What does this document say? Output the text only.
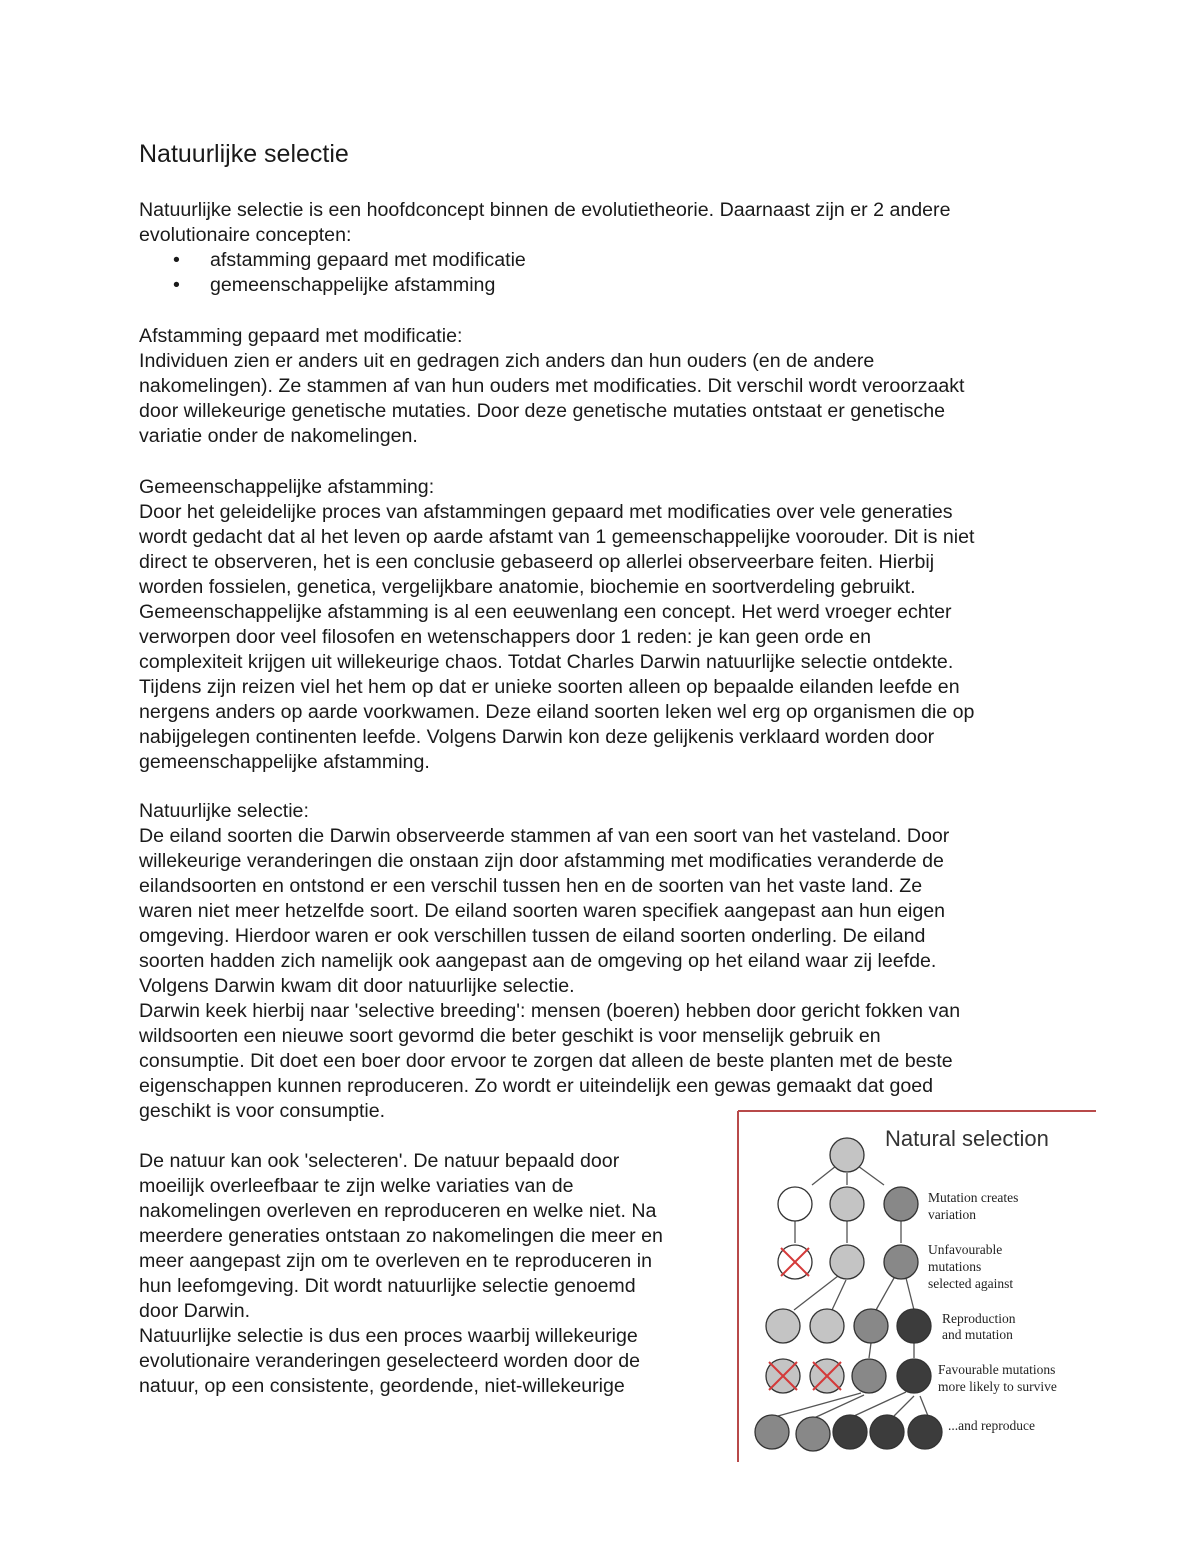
Natuurlijke selectie
Natuurlijke selectie is een hoofdconcept binnen de evolutietheorie. Daarnaast zijn er 2 andere
evolutionaire concepten:
• afstamming gepaard met modificatie
• gemeenschappelijke afstamming
Afstamming gepaard met modificatie:
Individuen zien er anders uit en gedragen zich anders dan hun ouders (en de andere
nakomelingen). Ze stammen af van hun ouders met modificaties. Dit verschil wordt veroorzaakt
door willekeurige genetische mutaties. Door deze genetische mutaties ontstaat er genetische
variatie onder de nakomelingen.
Gemeenschappelijke afstamming:
Door het geleidelijke proces van afstammingen gepaard met modificaties over vele generaties
wordt gedacht dat al het leven op aarde afstamt van 1 gemeenschappelijke voorouder. Dit is niet
direct te observeren, het is een conclusie gebaseerd op allerlei observeerbare feiten. Hierbij
worden fossielen, genetica, vergelijkbare anatomie, biochemie en soortverdeling gebruikt.
Gemeenschappelijke afstamming is al een eeuwenlang een concept. Het werd vroeger echter
verworpen door veel filosofen en wetenschappers door 1 reden: je kan geen orde en
complexiteit krijgen uit willekeurige chaos. Totdat Charles Darwin natuurlijke selectie ontdekte.
Tijdens zijn reizen viel het hem op dat er unieke soorten alleen op bepaalde eilanden leefde en
nergens anders op aarde voorkwamen. Deze eiland soorten leken wel erg op organismen die op
nabijgelegen continenten leefde. Volgens Darwin kon deze gelijkenis verklaard worden door
gemeenschappelijke afstamming.
Natuurlijke selectie:
De eiland soorten die Darwin observeerde stammen af van een soort van het vasteland. Door
willekeurige veranderingen die onstaan zijn door afstamming met modificaties veranderde de
eilandsoorten en ontstond er een verschil tussen hen en de soorten van het vaste land. Ze
waren niet meer hetzelfde soort. De eiland soorten waren specifiek aangepast aan hun eigen
omgeving. Hierdoor waren er ook verschillen tussen de eiland soorten onderling. De eiland
soorten hadden zich namelijk ook aangepast aan de omgeving op het eiland waar zij leefde.
Volgens Darwin kwam dit door natuurlijke selectie.
Darwin keek hierbij naar 'selective breeding': mensen (boeren) hebben door gericht fokken van
wildsoorten een nieuwe soort gevormd die beter geschikt is voor menselijk gebruik en
consumptie. Dit doet een boer door ervoor te zorgen dat alleen de beste planten met de beste
eigenschappen kunnen reproduceren. Zo wordt er uiteindelijk een gewas gemaakt dat goed
geschikt is voor consumptie.
De natuur kan ook 'selecteren'. De natuur bepaald door
moeilijk overleefbaar te zijn welke variaties van de
nakomelingen overleven en reproduceren en welke niet. Na
meerdere generaties ontstaan zo nakomelingen die meer en
meer aangepast zijn om te overleven en te reproduceren in
hun leefomgeving. Dit wordt natuurlijke selectie genoemd
door Darwin.
Natuurlijke selectie is dus een proces waarbij willekeurige
evolutionaire veranderingen geselecteerd worden door de
natuur, op een consistente, geordende, niet-willekeurige
Natural selection
Mutation creates
variation
Unfavourable
mutations
selected against
Reproduction
and mutation
Favourable mutations
more likely to survive
...and reproduce
